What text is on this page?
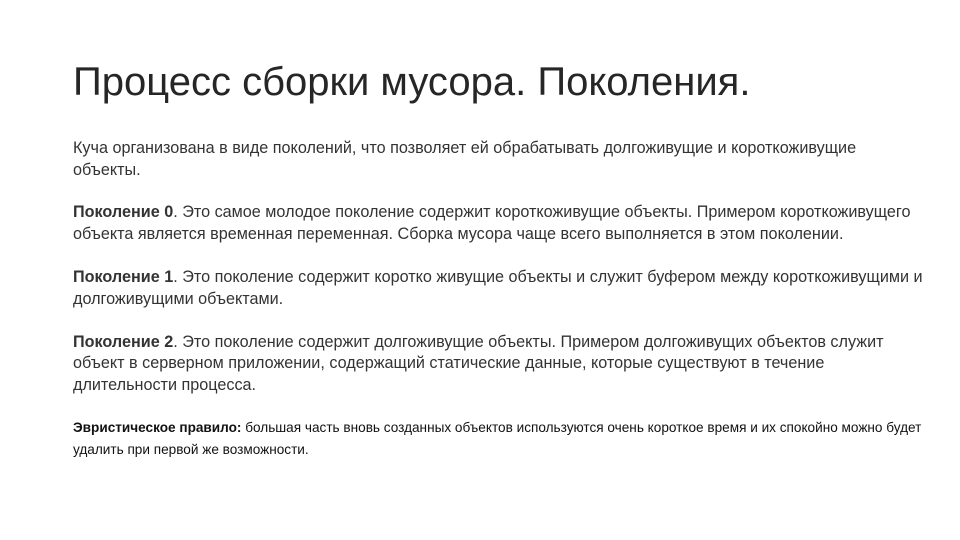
Процесс сборки мусора. Поколения.

Куча организована в виде поколений, что позволяет ей обрабатывать долгоживущие и короткоживущие объекты.

Поколение 0. Это самое молодое поколение содержит короткоживущие объекты. Примером короткоживущего объекта является временная переменная. Сборка мусора чаще всего выполняется в этом поколении.

Поколение 1. Это поколение содержит коротко живущие объекты и служит буфером между короткоживущими и долгоживущими объектами.

Поколение 2. Это поколение содержит долгоживущие объекты. Примером долгоживущих объектов служит объект в серверном приложении, содержащий статические данные, которые существуют в течение длительности процесса.

Эвристическое правило: большая часть вновь созданных объектов используются очень короткое время и их спокойно можно будет удалить при первой же возможности.
